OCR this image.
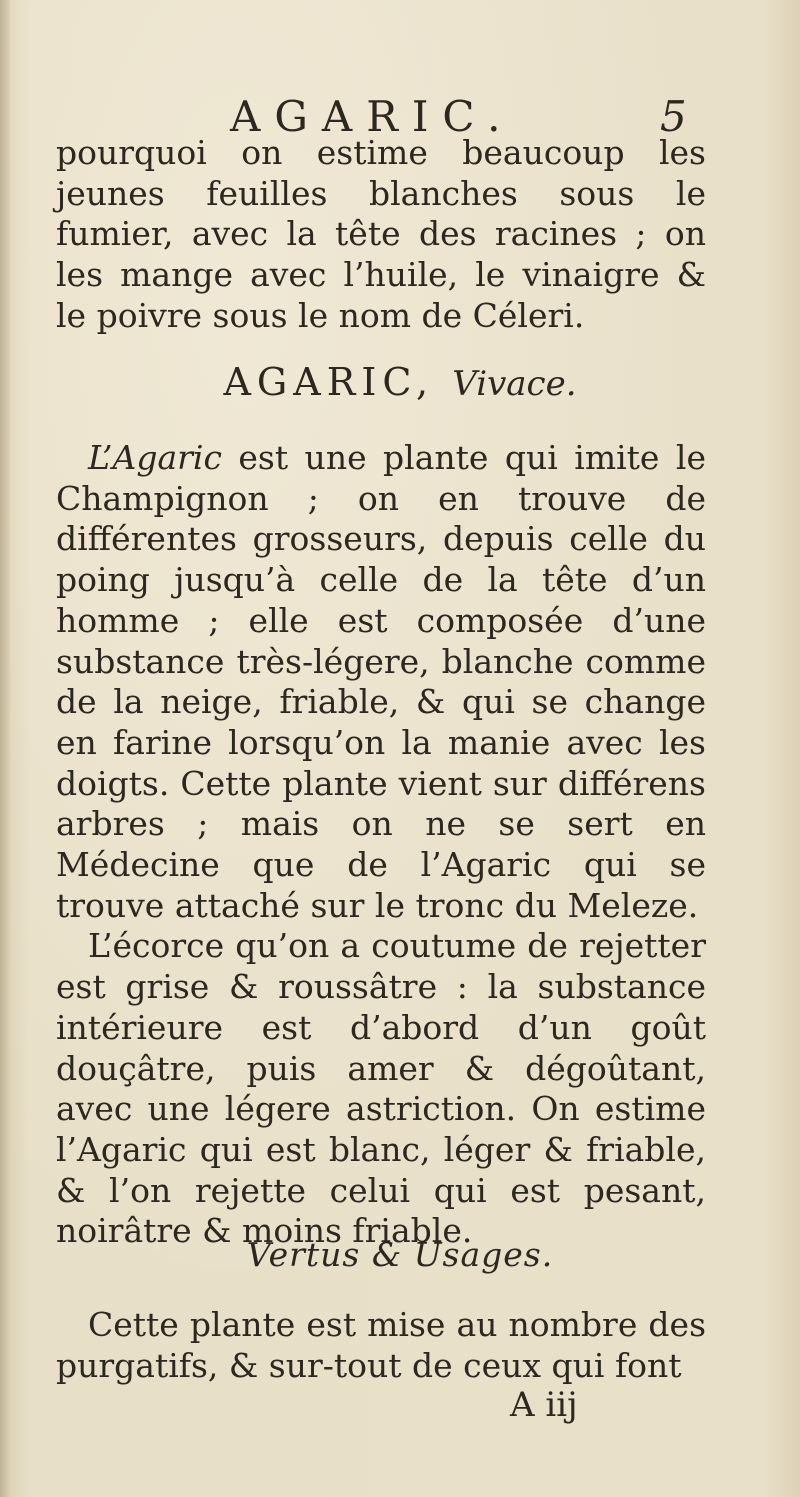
AGARIC.	5

pourquoi on estime beaucoup les jeunes feuilles blanches sous le fumier, avec la tête des racines ; on les mange avec l’huile, le vinaigre & le poivre sous le nom de Céleri.

AGARIC, Vivace.

L’Agaric est une plante qui imite le Champignon ; on en trouve de différentes grosseurs, depuis celle du poing jusqu’à celle de la tête d’un homme ; elle est composée d’une substance très-légere, blanche comme de la neige, friable, & qui se change en farine lorsqu’on la manie avec les doigts. Cette plante vient sur différens arbres ; mais on ne se sert en Médecine que de l’Agaric qui se trouve attaché sur le tronc du Meleze.

L’écorce qu’on a coutume de rejetter est grise & roussâtre : la substance intérieure est d’abord d’un goût douçâtre, puis amer & dégoûtant, avec une légere astriction. On estime l’Agaric qui est blanc, léger & friable, & l’on rejette celui qui est pesant, noirâtre & moins friable.

Vertus & Usages.

Cette plante est mise au nombre des purgatifs, & sur-tout de ceux qui font

A iij
